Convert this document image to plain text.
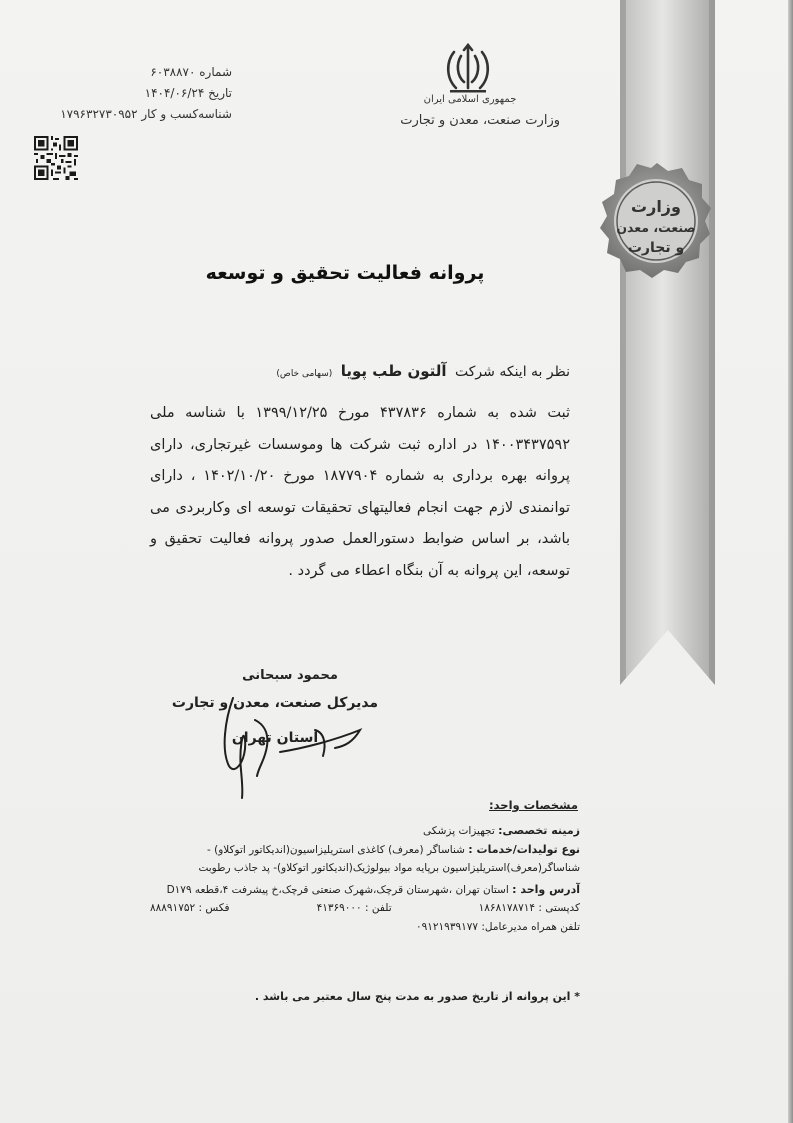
شماره ۶۰۳۸۸۷۰
تاریخ ۱۴۰۴/۰۶/۲۴
شناسه‌کسب و کار ۱۷۹۶۳۲۷۳۰۹۵۲
جمهوری اسلامی ایران
وزارت صنعت، معدن و تجارت
وزارت
صنعت، معدن
و تجارت
پروانه فعالیت تحقیق و توسعه
نظر به اینکه شرکت آلتون طب پویا (سهامی خاص)
ثبت شده به شماره ۴۳۷۸۳۶ مورخ ۱۳۹۹/۱۲/۲۵ با شناسه ملی ۱۴۰۰۳۴۳۷۵۹۲ در اداره ثبت شرکت ها وموسسات غیرتجاری، دارای پروانه بهره برداری به شماره ۱۸۷۷۹۰۴ مورخ ۱۴۰۲/۱۰/۲۰ ، دارای توانمندی لازم جهت انجام فعالیتهای تحقیقات توسعه ای وکاربردی می باشد، بر اساس ضوابط دستورالعمل صدور پروانه فعالیت تحقیق و توسعه، این پروانه به آن بنگاه اعطاء می گردد .
محمود سبحانی
مدیرکل صنعت، معدن و تجارت
استان تهران
مشخصات واحد:
زمینه تخصصی: تجهیزات پزشکی
نوع تولیدات/خدمات : شناساگر (معرف) کاغذی استریلیزاسیون(اندیکاتور اتوکلاو) -
شناساگر(معرف)استریلیزاسیون برپایه مواد بیولوژیک(اندیکاتور اتوکلاو)- پد جاذب رطوبت
آدرس واحد : استان تهران ،شهرستان قرچک،شهرک صنعتی قرچک،خ پیشرفت ۴،قطعه D۱۷۹
کدپستی : ۱۸۶۸۱۷۸۷۱۴
تلفن : ۴۱۳۶۹۰۰۰
فکس : ۸۸۸۹۱۷۵۲
تلفن همراه مدیرعامل: ۰۹۱۲۱۹۳۹۱۷۷
* این پروانه از تاریخ صدور به مدت پنج سال معتبر می باشد .
